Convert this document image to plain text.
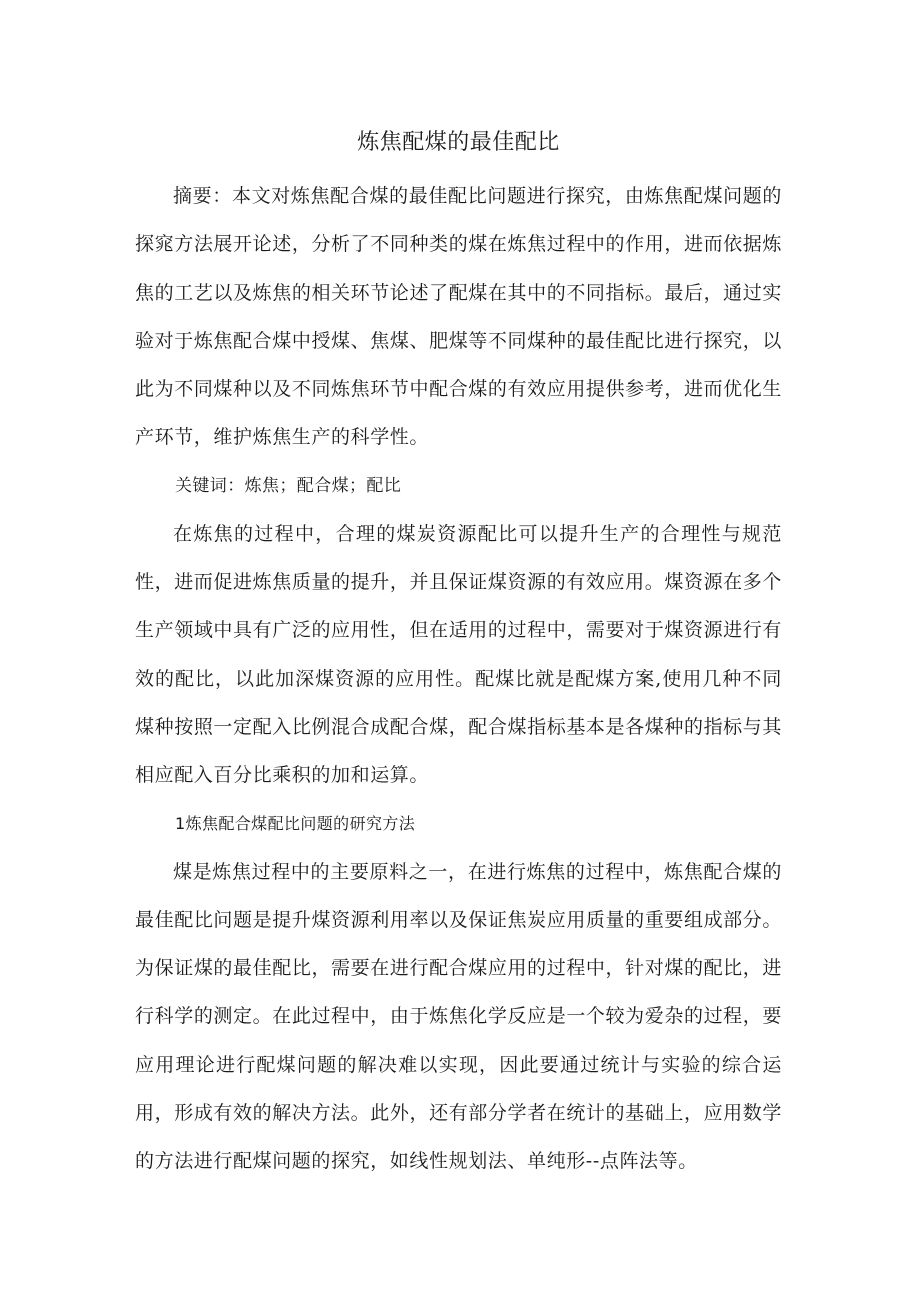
炼焦配煤的最佳配比

摘要：本文对炼焦配合煤的最佳配比问题进行探究，由炼焦配煤问题的探窕方法展开论述，分析了不同种类的煤在炼焦过程中的作用，进而依据炼焦的工艺以及炼焦的相关环节论述了配煤在其中的不同指标。最后，通过实验对于炼焦配合煤中授煤、焦煤、肥煤等不同煤种的最佳配比进行探究，以此为不同煤种以及不同炼焦环节中配合煤的有效应用提供参考，进而优化生产环节，维护炼焦生产的科学性。

关键词：炼焦；配合煤；配比

在炼焦的过程中，合理的煤炭资源配比可以提升生产的合理性与规范性，进而促进炼焦质量的提升，并且保证煤资源的有效应用。煤资源在多个生产领域中具有广泛的应用性，但在适用的过程中，需要对于煤资源进行有效的配比，以此加深煤资源的应用性。配煤比就是配煤方案,使用几种不同煤种按照一定配入比例混合成配合煤，配合煤指标基本是各煤种的指标与其相应配入百分比乘积的加和运算。

1炼焦配合煤配比问题的研究方法

煤是炼焦过程中的主要原料之一，在进行炼焦的过程中，炼焦配合煤的最佳配比问题是提升煤资源利用率以及保证焦炭应用质量的重要组成部分。为保证煤的最佳配比，需要在进行配合煤应用的过程中，针对煤的配比，进行科学的测定。在此过程中，由于炼焦化学反应是一个较为爱杂的过程，要应用理论进行配煤问题的解决难以实现，因此要通过统计与实验的综合运用，形成有效的解决方法。此外，还有部分学者在统计的基础上，应用数学的方法进行配煤问题的探究，如线性规划法、单纯形--点阵法等。
